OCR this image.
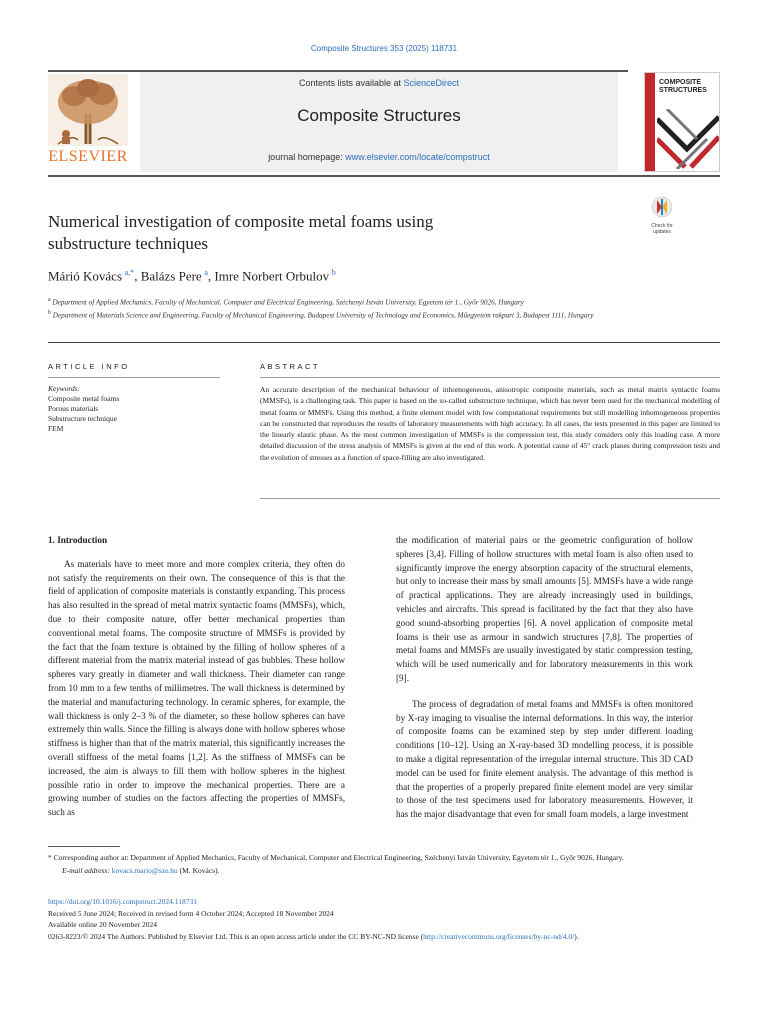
Composite Structures 353 (2025) 118731
ELSEVIER
Contents lists available at ScienceDirect
Composite Structures
journal homepage: www.elsevier.com/locate/compstruct
COMPOSITE STRUCTURES
Check for updates
Numerical investigation of composite metal foams using
substructure techniques
Márió Kovács  $^{a,*}$, Balázs Pere  $^a$, Imre Norbert Orbulov  $^b$
$^a$ Department of Applied Mechanics, Faculty of Mechanical, Computer and Electrical Engineering, Széchenyi István University, Egyetem tér 1., Győr 9026, Hungary
$^b$ Department of Materials Science and Engineering, Faculty of Mechanical Engineering, Budapest University of Technology and Economics, Műegyetem rakpart 3, Budapest 1111, Hungary
ARTICLE INFO	ABSTRACT
Keywords:
Composite metal foams
Porous materials
Substructure technique
FEM
An accurate description of the mechanical behaviour of inhomogeneous, anisotropic composite materials, such as metal matrix syntactic foams (MMSFs), is a challenging task. This paper is based on the so-called substructure technique, which has never been used for the mechanical modelling of metal foams or MMSFs. Using this method, a finite element model with low computational requirements but still modelling inhomogeneous properties can be constructed that reproduces the results of laboratory measurements with high accuracy. In all cases, the tests presented in this paper are limited to the linearly elastic phase. As the most common investigation of MMSFs is the compression test, this study considers only this loading case. A more detailed discussion of the stress analysis of MMSFs is given at the end of this work. A potential cause of 45° crack planes during compression tests and the evolution of stresses as a function of space-filling are also investigated.
1. Introduction

As materials have to meet more and more complex criteria, they often do not satisfy the requirements on their own. The consequence of this is that the field of application of composite materials is constantly expanding. This process has also resulted in the spread of metal matrix syntactic foams (MMSFs), which, due to their composite nature, offer better mechanical properties than conventional metal foams. The composite structure of MMSFs is provided by the fact that the foam texture is obtained by the filling of hollow spheres of a different material from the matrix material instead of gas bubbles. These hollow spheres vary greatly in diameter and wall thickness. Their diameter can range from 10 mm to a few tenths of millimetres. The wall thickness is determined by the material and manufacturing technology. In ceramic spheres, for example, the wall thickness is only 2–3 % of the diameter, so these hollow spheres can have extremely thin walls. Since the filling is always done with hollow spheres whose stiffness is higher than that of the matrix material, this significantly increases the overall stiffness of the metal foams [1,2]. As the stiffness of MMSFs can be increased, the aim is always to fill them with hollow spheres in the highest possible ratio in order to improve the mechanical properties. There are a growing number of studies on the factors affecting the properties of MMSFs, such as

the modification of material pairs or the geometric configuration of hollow spheres [3,4]. Filling of hollow structures with metal foam is also often used to significantly improve the energy absorption capacity of the structural elements, but only to increase their mass by small amounts [5]. MMSFs have a wide range of practical applications. They are already increasingly used in buildings, vehicles and aircrafts. This spread is facilitated by the fact that they also have good sound-absorbing properties [6]. A novel application of composite metal foams is their use as armour in sandwich structures [7,8]. The properties of metal foams and MMSFs are usually investigated by static compression testing, which will be used numerically and for laboratory measurements in this work [9].

The process of degradation of metal foams and MMSFs is often monitored by X-ray imaging to visualise the internal deformations. In this way, the interior of composite foams can be examined step by step under different loading conditions [10–12]. Using an X-ray-based 3D modelling process, it is possible to make a digital representation of the irregular internal structure. This 3D CAD model can be used for finite element analysis. The advantage of this method is that the properties of a properly prepared finite element model are very similar to those of the test specimens used for laboratory measurements. However, it has the major disadvantage that even for small foam models, a large investment

* Corresponding author at: Department of Applied Mechanics, Faculty of Mechanical, Computer and Electrical Engineering, Széchenyi István University, Egyetem tér 1., Győr 9026, Hungary.
E-mail address: kovacs.mario@sze.hu (M. Kovács).
https://doi.org/10.1016/j.compstruct.2024.118731
Received 5 June 2024; Received in revised form 4 October 2024; Accepted 18 November 2024
Available online 20 November 2024
0263-8223/© 2024 The Authors. Published by Elsevier Ltd. This is an open access article under the CC BY-NC-ND license (http://creativecommons.org/licenses/by-nc-nd/4.0/).
